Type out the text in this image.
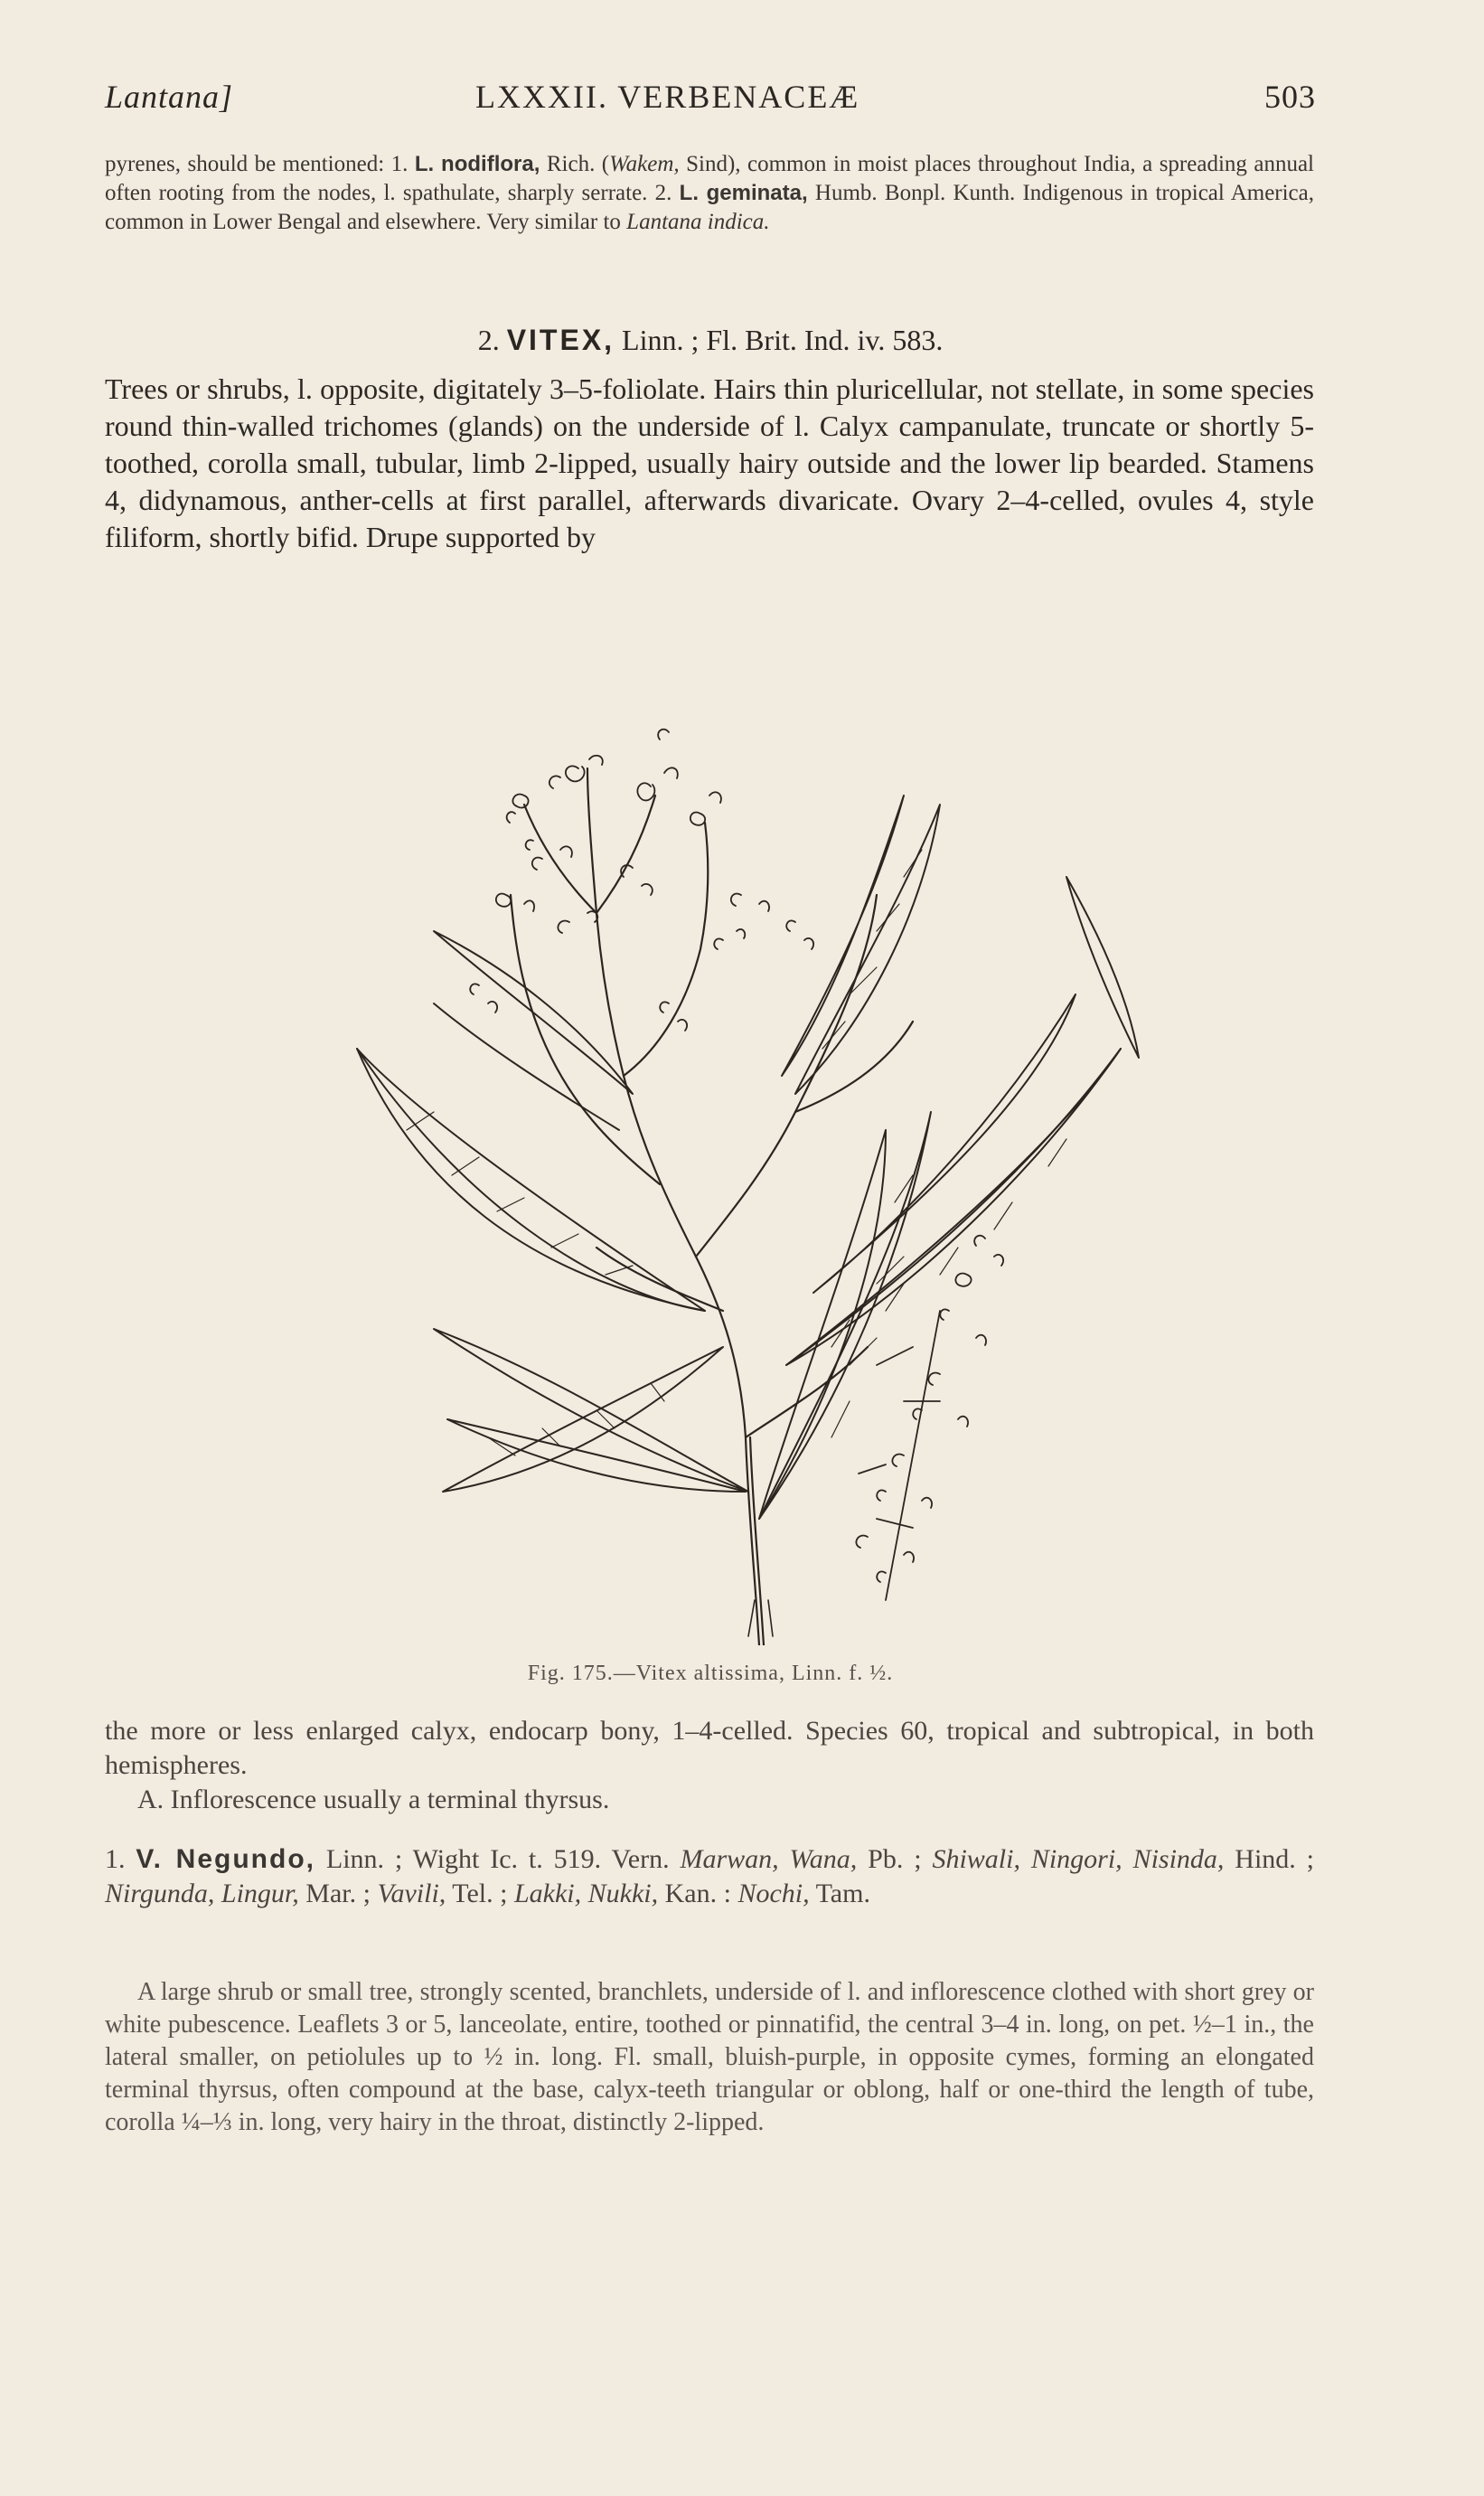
Lantana]	LXXXII. VERBENACEÆ	503
pyrenes, should be mentioned: 1. L. nodiflora, Rich. (Wakem, Sind), common in moist places throughout India, a spreading annual often rooting from the nodes, l. spathulate, sharply serrate. 2. L. geminata, Humb. Bonpl. Kunth. Indigenous in tropical America, common in Lower Bengal and elsewhere. Very similar to Lantana indica.
2. VITEX, Linn. ; Fl. Brit. Ind. iv. 583.
Trees or shrubs, l. opposite, digitately 3–5-foliolate. Hairs thin pluricellular, not stellate, in some species round thin-walled trichomes (glands) on the underside of l. Calyx campanulate, truncate or shortly 5-toothed, corolla small, tubular, limb 2-lipped, usually hairy outside and the lower lip bearded. Stamens 4, didynamous, anther-cells at first parallel, afterwards divaricate. Ovary 2–4-celled, ovules 4, style filiform, shortly bifid. Drupe supported by
Fig. 175.—Vitex altissima, Linn. f. ½.
the more or less enlarged calyx, endocarp bony, 1–4-celled. Species 60, tropical and subtropical, in both hemispheres.
A. Inflorescence usually a terminal thyrsus.
1. V. Negundo, Linn. ; Wight Ic. t. 519. Vern. Marwan, Wana, Pb. ; Shiwali, Ningori, Nisinda, Hind. ; Nirgunda, Lingur, Mar. ; Vavili, Tel. ; Lakki, Nukki, Kan. : Nochi, Tam.
A large shrub or small tree, strongly scented, branchlets, underside of l. and inflorescence clothed with short grey or white pubescence. Leaflets 3 or 5, lanceolate, entire, toothed or pinnatifid, the central 3–4 in. long, on pet. ½–1 in., the lateral smaller, on petiolules up to ½ in. long. Fl. small, bluish-purple, in opposite cymes, forming an elongated terminal thyrsus, often compound at the base, calyx-teeth triangular or oblong, half or one-third the length of tube, corolla ¼–⅓ in. long, very hairy in the throat, distinctly 2-lipped.
